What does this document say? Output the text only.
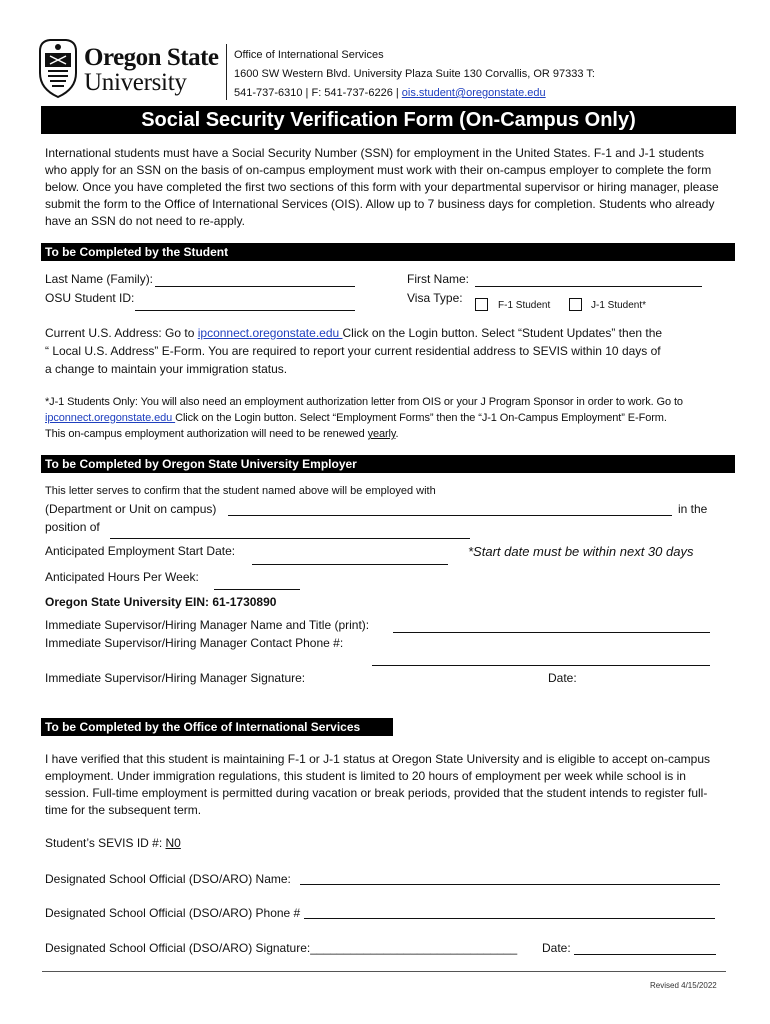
Oregon State
University
Office of International Services
1600 SW Western Blvd. University Plaza Suite 130 Corvallis, OR 97333 T:
541-737-6310 | F: 541-737-6226 | ois.student@oregonstate.edu
Social Security Verification Form (On-Campus Only)
International students must have a Social Security Number (SSN) for employment in the United States. F-1 and J-1 students who apply for an SSN on the basis of on-campus employment must work with their on-campus employer to complete the form below. Once you have completed the first two sections of this form with your departmental supervisor or hiring manager, please submit the form to the Office of International Services (OIS). Allow up to 7 business days for completion. Students who already have an SSN do not need to re-apply.
To be Completed by the Student
Last Name (Family):	First Name:
OSU Student ID:	Visa Type:
F-1 Student	J-1 Student*
Current U.S. Address: Go to ipconnect.oregonstate.edu Click on the Login button. Select “Student Updates” then the
“ Local U.S. Address” E-Form. You are required to report your current residential address to SEVIS within 10 days of
a change to maintain your immigration status.
*J-1 Students Only: You will also need an employment authorization letter from OIS or your J Program Sponsor in order to work. Go to
ipconnect.oregonstate.edu Click on the Login button. Select “Employment Forms” then the “J-1 On-Campus Employment” E-Form.
This on-campus employment authorization will need to be renewed yearly.
To be Completed by Oregon State University Employer
This letter serves to confirm that the student named above will be employed with
(Department or Unit on campus)	in the
position of
Anticipated Employment Start Date:	*Start date must be within next 30 days
Anticipated Hours Per Week:
Oregon State University EIN: 61-1730890
Immediate Supervisor/Hiring Manager Name and Title (print):
Immediate Supervisor/Hiring Manager Contact Phone #:
Immediate Supervisor/Hiring Manager Signature:	Date:
To be Completed by the Office of International Services
I have verified that this student is maintaining F-1 or J-1 status at Oregon State University and is eligible to accept on-campus employment. Under immigration regulations, this student is limited to 20 hours of employment per week while school is in session. Full-time employment is permitted during vacation or break periods, provided that the student intends to register full-time for the subsequent term.
Student’s SEVIS ID #: N0
Designated School Official (DSO/ARO) Name:
Designated School Official (DSO/ARO) Phone #
Designated School Official (DSO/ARO) Signature:_______________________________ Date:
Revised 4/15/2022
